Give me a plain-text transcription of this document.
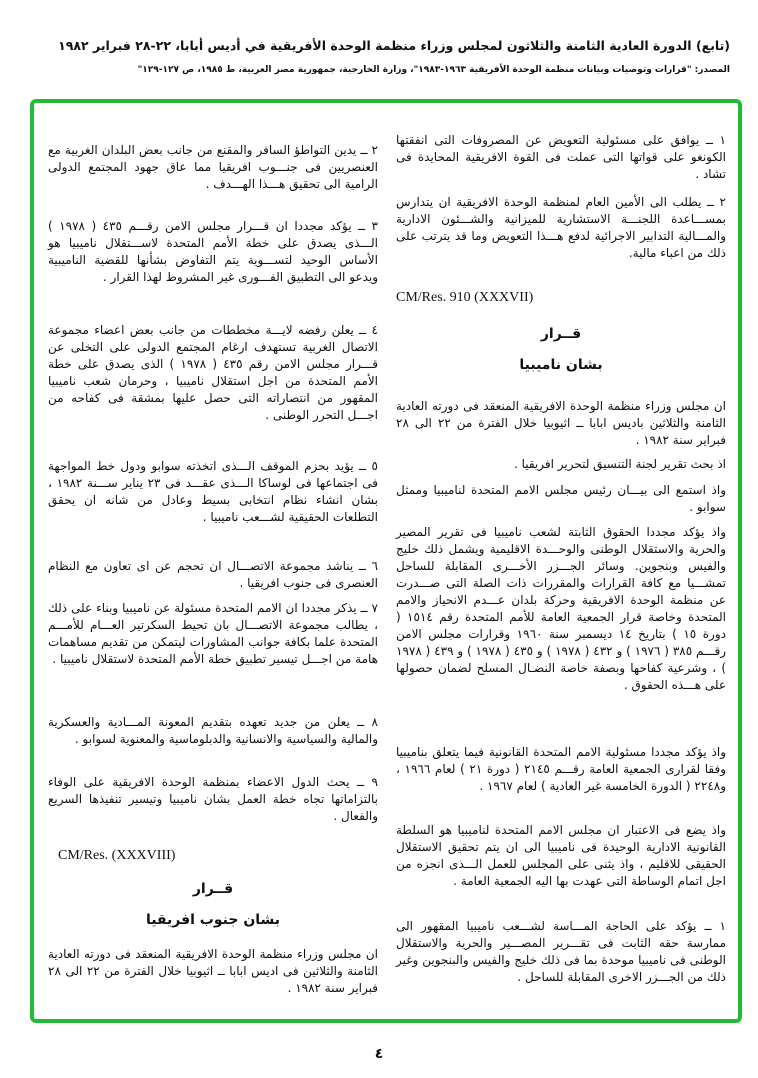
(تابع) الدورة العادية الثامنة والثلاثون لمجلس وزراء منظمة الوحدة الأفريقية في أديس أبابا، ٢٢-٢٨ فبراير ١٩٨٢
المصدر: "قرارات وتوصيات وبيانات منظمة الوحدة الأفريقية ١٩٦٣-١٩٨٣"، وزارة الخارجية، جمهورية مصر العربية، ط ١٩٨٥، ص ١٢٧-١٢٩"
١ ــ يوافق على مسئولية التعويض عن المصروفات التى انفقتها الكونغو على قواتها التى عملت فى القوة الافريقية المحايدة فى تشاد .
٢ ــ يطلب الى الأمين العام لمنظمة الوحدة الافريقية ان يتدارس بمســـاعدة اللجنـــة الاستشارية للميزانية والشـــئون الادارية والمـــالية التدابير الاجرائية لدفع هـــذا التعويض وما قد يترتب على ذلك من اعباء مالية.
CM/Res. 910 (XXXVII)
قــرار
بشان ناميبيا
ان مجلس وزراء منظمة الوحدة الافريقية المنعقد فى دورته العادية الثامنة والثلاثين باديس ابابا ــ اثيوبيا خلال الفترة من ٢٢ الى ٢٨ فبراير سنة ١٩٨٢ .
اذ بحث تقرير لجنة التنسيق لتحرير افريقيا .
واذ استمع الى بيـــان رئيس مجلس الامم المتحدة لناميبيا وممثل سوابو .
واذ يؤكد مجددا الحقوق الثابتة لشعب ناميبيا فى تقرير المصير والحرية والاستقلال الوطنى والوحـــدة الاقليمية ويشمل ذلك خليج والفيس وبنجوين. وسائر الجـــزر الأخـــرى المقابلة للساحل تمشـــيا مع كافة القرارات والمقررات ذات الصلة التى صـــدرت عن منظمة الوحدة الافريقية وحركة بلدان عـــدم الانحياز والامم المتحدة وخاصة قرار الجمعية العامة للأمم المتحدة رقم ١٥١٤ ( دورة ١٥ ) بتاريخ ١٤ ديسمبر سنة ١٩٦٠ وقرارات مجلس الامن رقـــم ٣٨٥ ( ١٩٧٦ ) و ٤٣٢ ( ١٩٧٨ ) و ٤٣٥ ( ١٩٧٨ ) و ٤٣٩ ( ١٩٧٨ ) ، وشرعية كفاحها وبصفة خاصة النضـال المسلح لضمان حصولها على هـــذه الحقوق .
واذ يؤكد مجددا مسئولية الامم المتحدة القانونية فيما يتعلق بناميبيا وفقا لقرارى الجمعية العامة رقـــم ٢١٤٥ ( دورة ٢١ ) لعام ١٩٦٦ ، و٢٢٤٨ ( الدورة الخامسة غير العادية ) لعام ١٩٦٧ .
واذ يضع فى الاعتبار ان مجلس الامم المتحدة لناميبيا هو السلطة القانونية الادارية الوحيدة فى ناميبيا الى ان يتم تحقيق الاستقلال الحقيقى للاقليم ، واذ يثنى على المجلس للعمل الـــذى انجزه من اجل اتمام الوساطة التى عهدت بها اليه الجمعية العامة .
١ ــ يؤكد على الحاجة المـــاسة لشـــعب ناميبيا المقهور الى ممارسة حقه الثابت فى تقـــرير المصـــير والحرية والاستقلال الوطنى فى ناميبيا موحدة بما فى ذلك خليج والفيس والبنجوين وغير ذلك من الجـــزر الاخرى المقابلة للساحل .
٢ ــ يدين التواطؤ السافر والمقنع من جانب بعض البلدان الغربية مع العنصريين فى جنـــوب افريقيا مما عاق جهود المجتمع الدولى الرامية الى تحقيق هـــذا الهـــدف .
٣ ــ يؤكد مجددا ان قـــرار مجلس الامن رقـــم ٤٣٥ ( ١٩٧٨ ) الـــذى يصدق على خطة الأمم المتحدة لاســـتقلال ناميبيا هو الأساس الوحيد لتســـوية يتم التفاوض بشأنها للقضية الناميبية ويدعو الى التطبيق الفـــورى غير المشروط لهذا القرار .
٤ ــ يعلن رفضه لايـــة مخططات من جانب بعض اعضاء مجموعة الاتصال الغربية تستهدف ارغام المجتمع الدولى على التخلى عن قـــرار مجلس الامن رقم ٤٣٥ ( ١٩٧٨ ) الذى يصدق على خطة الأمم المتحدة من اجل استقلال ناميبيا ، وحرمان شعب ناميبيا المقهور من انتصاراته التى حصل عليها بمشقة فى كفاحه من اجـــل التحرر الوطنى .
٥ ــ يؤيد بحزم الموقف الـــذى اتخذته سوابو ودول خط المواجهة فى اجتماعها فى لوساكا الـــذى عقـــد فى ٢٣ يناير ســـنة ١٩٨٢ ، بشان انشاء نظام انتخابى بسيط وعادل من شانه ان يحقق التطلعات الحقيقية لشـــعب ناميبيا .
٦ ــ يناشد مجموعة الاتصـــال ان تحجم عن اى تعاون مع النظام العنصرى فى جنوب افريقيا .
٧ ــ يذكر مجددا ان الامم المتحدة مسئولة عن ناميبيا وبناء على ذلك ، يطالب مجموعة الاتصـــال بان تحيط السكرتير العـــام للأمـــم المتحدة علما بكافة جوانب المشاورات ليتمكن من تقديم مساهمات هامة من اجـــل تيسير تطبيق خطة الأمم المتحدة لاستقلال ناميبيا .
٨ ــ يعلن من جديد تعهده بتقديم المعونة المـــادية والعسكرية والمالية والسياسية والانسانية والدبلوماسية والمعنوية لسوابو .
٩ ــ يحث الدول الاعضاء بمنظمة الوحدة الافريقية على الوفاء بالتزاماتها تجاه خطة العمل بشان ناميبيا وتيسير تنفيذها السريع والفعال .
CM/Res. (XXXVIII)
قــرار
بشان جنوب افريقيا
ان مجلس وزراء منظمة الوحدة الافريقية المنعقد فى دورته العادية الثامنة والثلاثين فى اديس ابابا ــ اثيوبيا خلال الفترة من ٢٢ الى ٢٨ فبراير سنة ١٩٨٢ .
٤
